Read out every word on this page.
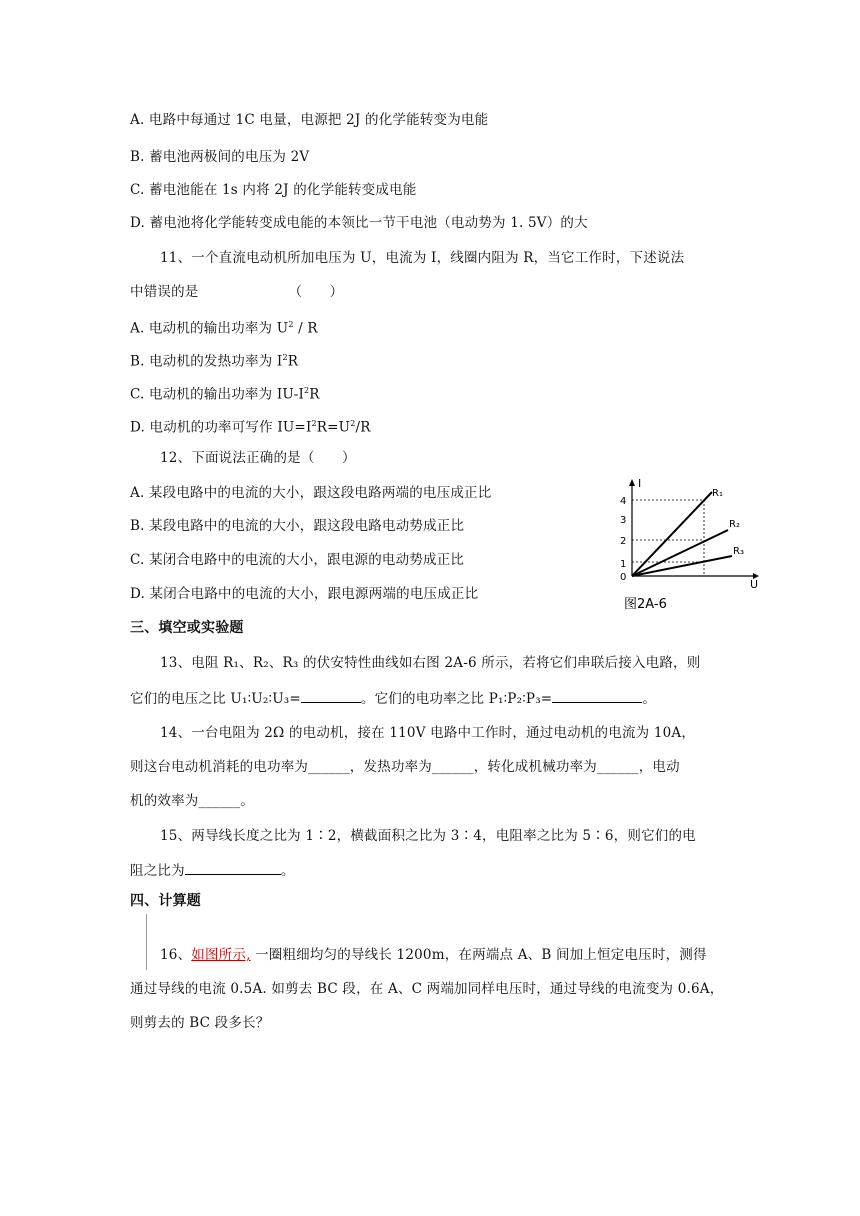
A. 电路中每通过 1C 电量，电源把 2J 的化学能转变为电能
B. 蓄电池两极间的电压为 2V
C. 蓄电池能在 1s 内将 2J 的化学能转变成电能
D. 蓄电池将化学能转变成电能的本领比一节干电池（电动势为 1. 5V）的大
11、一个直流电动机所加电压为 U，电流为 I，线圈内阻为 R，当它工作时，下述说法
中错误的是	（　　）
A. 电动机的输出功率为 $U^2$ / R
B. 电动机的发热功率为 $I^2R$
C. 电动机的输出功率为 $IU-I^2R$
D. 电动机的功率可写作 $IU=I^2R=U^2/R$
12、下面说法正确的是（　　）
A. 某段电路中的电流的大小，跟这段电路两端的电压成正比
B. 某段电路中的电流的大小，跟这段电路电动势成正比
C. 某闭合电路中的电流的大小，跟电源的电动势成正比
D. 某闭合电路中的电流的大小，跟电源两端的电压成正比
I
U
0
1
2
3
4
R₁
R₂
R₃
图2A-6
三、填空或实验题
13、电阻 R₁、R₂、R₃ 的伏安特性曲线如右图 2A-6 所示，若将它们串联后接入电路，则
它们的电压之比 U₁∶U₂∶U₃=	。它们的电功率之比 P₁∶P₂∶P₃=	。
14、一台电阻为 2Ω 的电动机，接在 110V 电路中工作时，通过电动机的电流为 10A，
则这台电动机消耗的电功率为______，发热功率为______，转化成机械功率为______，电动
机的效率为______。
15、两导线长度之比为 1∶2，横截面积之比为 3∶4，电阻率之比为 5∶6，则它们的电
阻之比为	。
四、计算题
16、如图所示, 一圈粗细均匀的导线长 1200m，在两端点 A、B 间加上恒定电压时，测得
通过导线的电流 0.5A. 如剪去 BC 段，在 A、C 两端加同样电压时，通过导线的电流变为 0.6A，
则剪去的 BC 段多长？
